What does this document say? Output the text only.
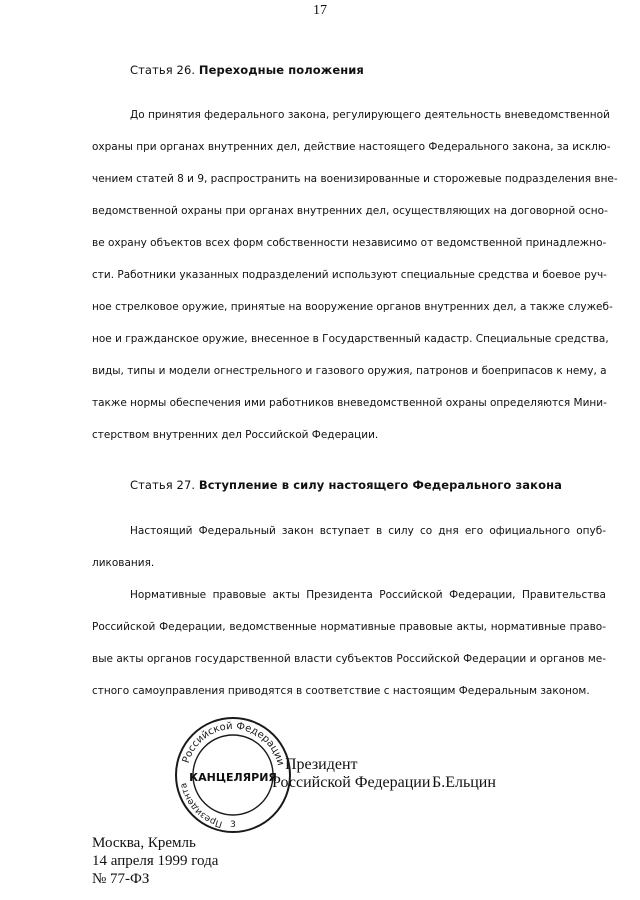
17
Статья 26. Переходные положения
До принятия федерального закона, регулирующего деятельность вневедомственной
охраны при органах внутренних дел, действие настоящего Федерального закона, за исклю-
чением статей 8 и 9, распространить на военизированные и сторожевые подразделения вне-
ведомственной охраны при органах внутренних дел, осуществляющих на договорной осно-
ве охрану объектов всех форм собственности независимо от ведомственной принадлежно-
сти. Работники указанных подразделений используют специальные средства и боевое руч-
ное стрелковое оружие, принятые на вооружение органов внутренних дел, а также служеб-
ное и гражданское оружие, внесенное в Государственный кадастр. Специальные средства,
виды, типы и модели огнестрельного и газового оружия, патронов и боеприпасов к нему, а
также нормы обеспечения ими работников вневедомственной охраны определяются Мини-
стерством внутренних дел Российской Федерации.
Статья 27. Вступление в силу настоящего Федерального закона
Настоящий Федеральный закон вступает в силу со дня его официального опуб-
ликования.
Нормативные правовые акты Президента Российской Федерации, Правительства
Российской Федерации, ведомственные нормативные правовые акты, нормативные право-
вые акты органов государственной власти субъектов Российской Федерации и органов ме-
стного самоуправления приводятся в соответствие с настоящим Федеральным законом.
Российской Федерации
Президента
КАНЦЕЛЯРИЯ
3
Президент
Российской Федерации Б.Ельцин
Москва, Кремль
14 апреля 1999 года
№ 77-ФЗ
